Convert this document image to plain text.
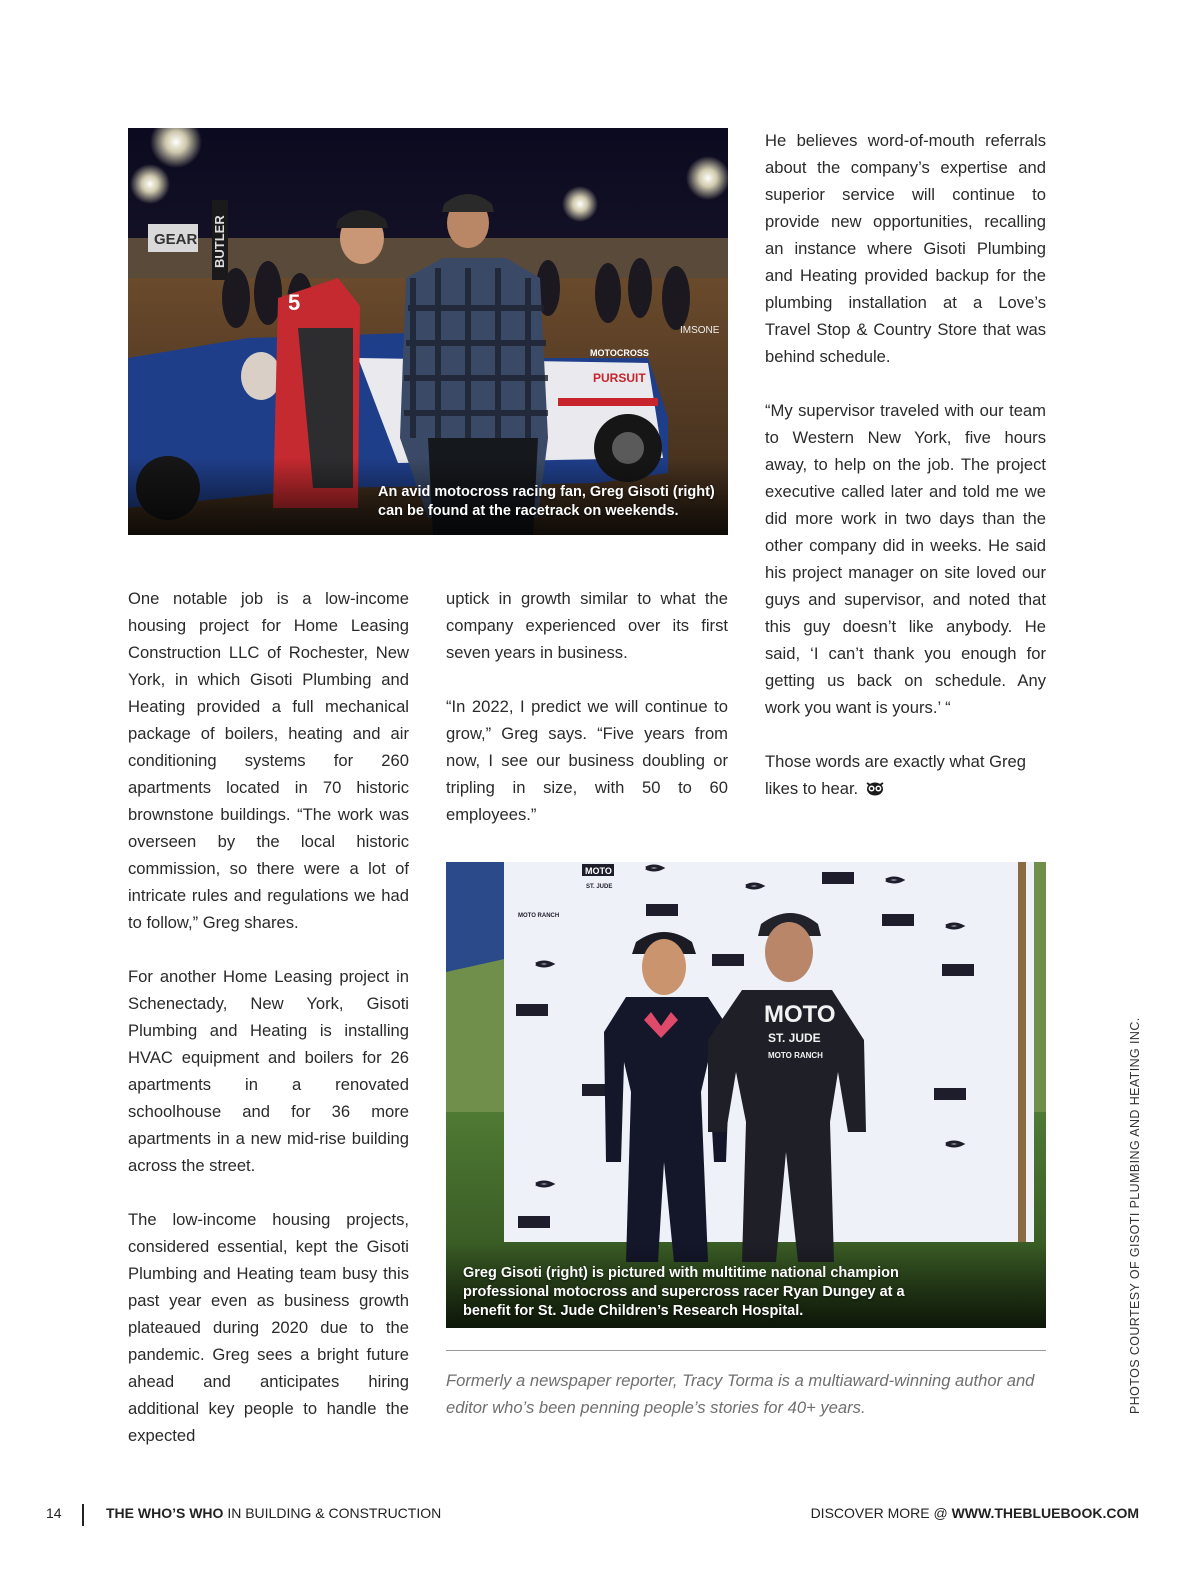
GEAR BUTLER
MOTOCROSS
PURSUIT
IMSONE
5
An avid motocross racing fan, Greg Gisoti (right)
can be found at the racetrack on weekends.

He believes word-of-mouth referrals about the company’s expertise and superior service will continue to provide new opportunities, recalling an instance where Gisoti Plumbing and Heating provided backup for the plumbing installation at a Love’s Travel Stop & Country Store that was behind schedule.

“My supervisor traveled with our team to Western New York, five hours away, to help on the job. The project executive called later and told me we did more work in two days than the other company did in weeks. He said his project manager on site loved our guys and supervisor, and noted that this guy doesn’t like anybody. He said, ‘I can’t thank you enough for getting us back on schedule. Any work you want is yours.’ “

Those words are exactly what Greg likes to hear.

One notable job is a low-income housing project for Home Leasing Construction LLC of Rochester, New York, in which Gisoti Plumbing and Heating provided a full mechanical package of boilers, heating and air conditioning systems for 260 apartments located in 70 historic brownstone buildings. “The work was overseen by the local historic commission, so there were a lot of intricate rules and regulations we had to follow,” Greg shares.

For another Home Leasing project in Schenectady, New York, Gisoti Plumbing and Heating is installing HVAC equipment and boilers for 26 apartments in a renovated schoolhouse and for 36 more apartments in a new mid-rise building across the street.

The low-income housing projects, considered essential, kept the Gisoti Plumbing and Heating team busy this past year even as business growth plateaued during 2020 due to the pandemic. Greg sees a bright future ahead and anticipates hiring additional key people to handle the expected

uptick in growth similar to what the company experienced over its first seven years in business.

“In 2022, I predict we will continue to grow,” Greg says. “Five years from now, I see our business doubling or tripling in size, with 50 to 60 employees.”

MOTO
ST. JUDE
MOTO RANCH
MOTO
ST. JUDE
MOTO RANCH
Greg Gisoti (right) is pictured with multitime national champion
professional motocross and supercross racer Ryan Dungey at a
benefit for St. Jude Children’s Research Hospital.
Formerly a newspaper reporter, Tracy Torma is a multiaward-winning author and editor who’s been penning people’s stories for 40+ years.	PHOTOS COURTESY OF GISOTI PLUMBING AND HEATING INC.
14	THE WHO’S WHO IN BUILDING & CONSTRUCTION	DISCOVER MORE @ WWW.THEBLUEBOOK.COM
